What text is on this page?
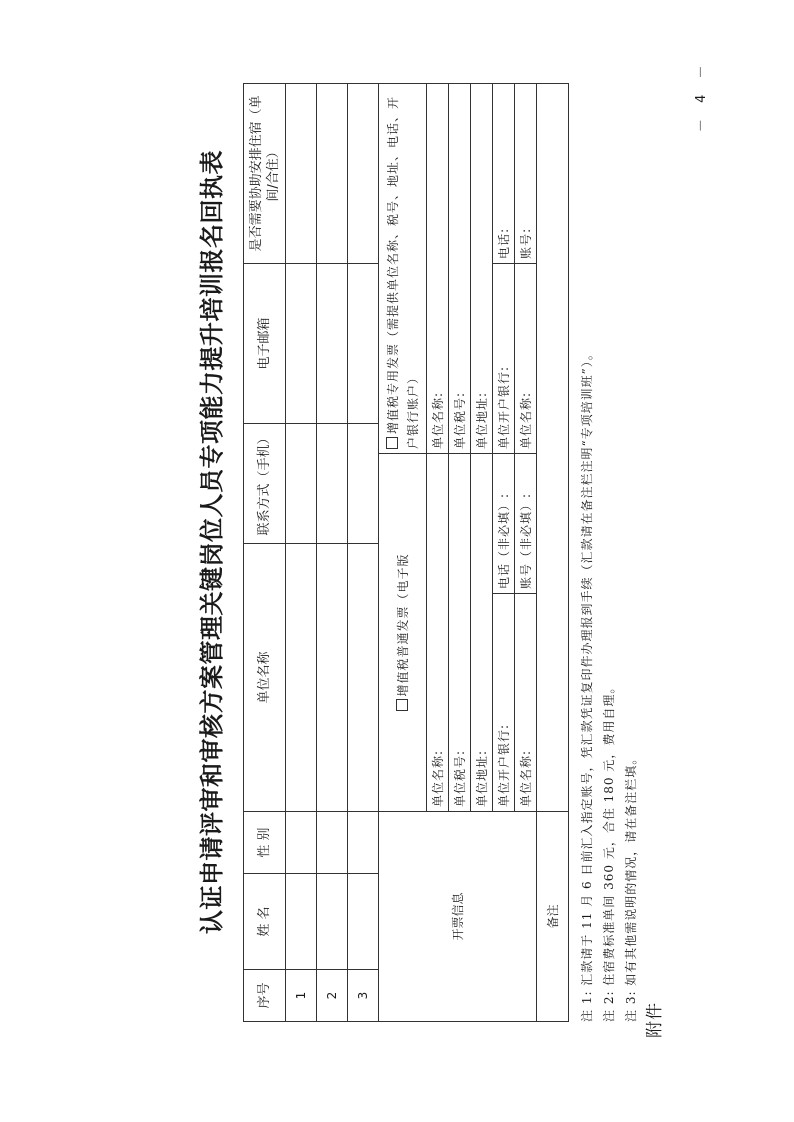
附件
认证申请评审和审核方案管理关键岗位人员专项能力提升培训报名回执表
序号	姓 名	性 别	单位名称		联系方式（手机）		电子邮箱	是否需要协助安排住宿（单间/合住）
1								
2								
3								
开票信息			增值税普通发票（电子版			增值税专用发票（需提供单位名称、税号、地址、电话、开户银行账户）		
			单位名称:			单位名称:		
			单位税号:			单位税号:		
			单位地址:			单位地址:		
			单位开户银行:	电话（非必填）:		单位开户银行:		电话:
			单位名称:	账号（非必填）:		单位名称:		账号:
备注									注 1: 汇款请于 11 月 6 日前汇入指定账号，凭汇款凭证复印件办理报到手续（汇款请在备注栏注明“专项培训班”）。 注 2: 住宿费标准单间 360 元，合住 180 元，费用自理。 注 3: 如有其他需说明的情况，请在备注栏填。
－ 4 －
